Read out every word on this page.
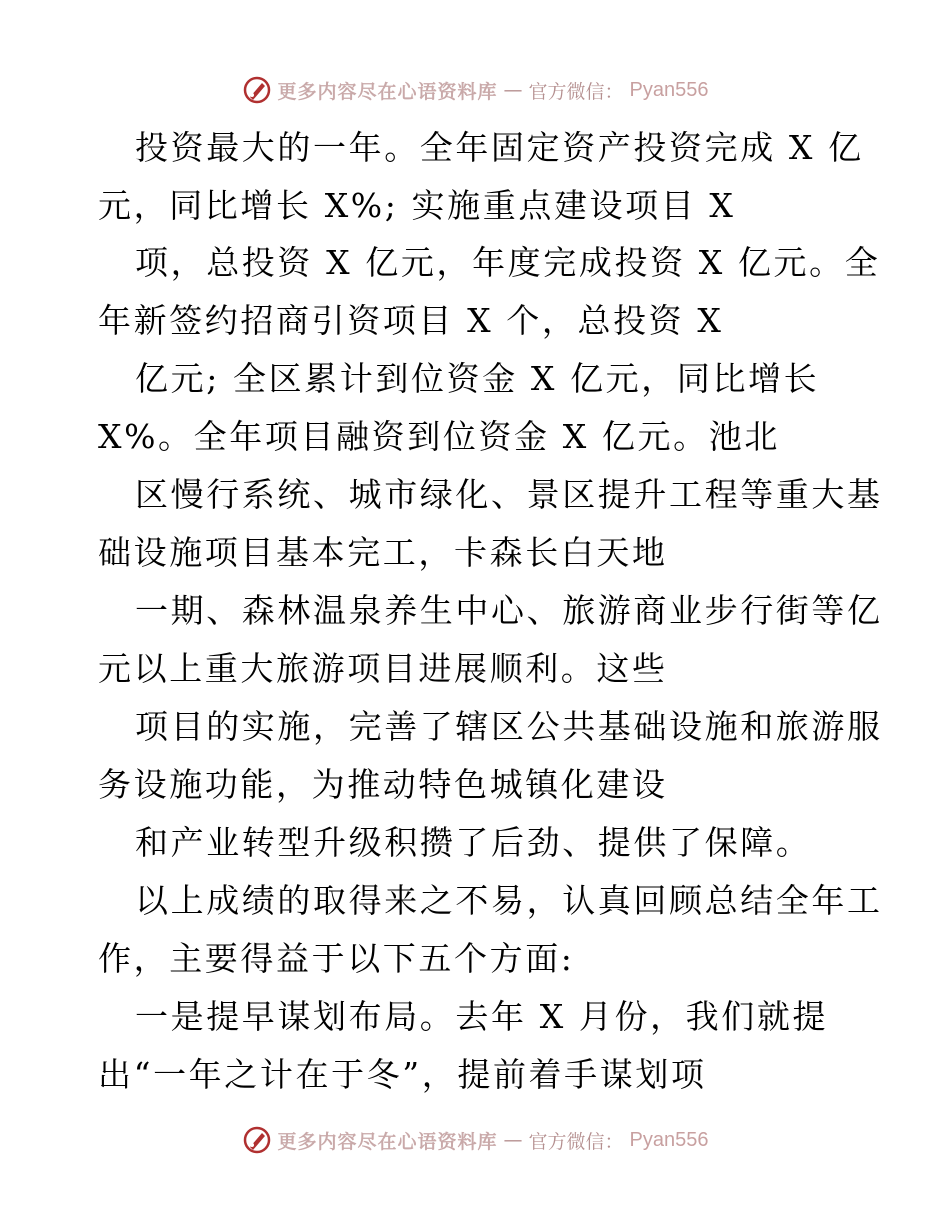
更多内容尽在心语资料库 — 官方微信： Pyan556
投资最大的一年。全年固定资产投资完成 X 亿
元，同比增长 X%; 实施重点建设项目 X
项，总投资 X 亿元，年度完成投资 X 亿元。全
年新签约招商引资项目 X 个，总投资 X
亿元; 全区累计到位资金 X 亿元，同比增长
X%。全年项目融资到位资金 X 亿元。池北
区慢行系统、城市绿化、景区提升工程等重大基
础设施项目基本完工，卡森长白天地
一期、森林温泉养生中心、旅游商业步行街等亿
元以上重大旅游项目进展顺利。这些
项目的实施，完善了辖区公共基础设施和旅游服
务设施功能，为推动特色城镇化建设
和产业转型升级积攒了后劲、提供了保障。
以上成绩的取得来之不易，认真回顾总结全年工
作，主要得益于以下五个方面:
一是提早谋划布局。去年 X 月份，我们就提
出“一年之计在于冬”，提前着手谋划项
更多内容尽在心语资料库 — 官方微信： Pyan556
